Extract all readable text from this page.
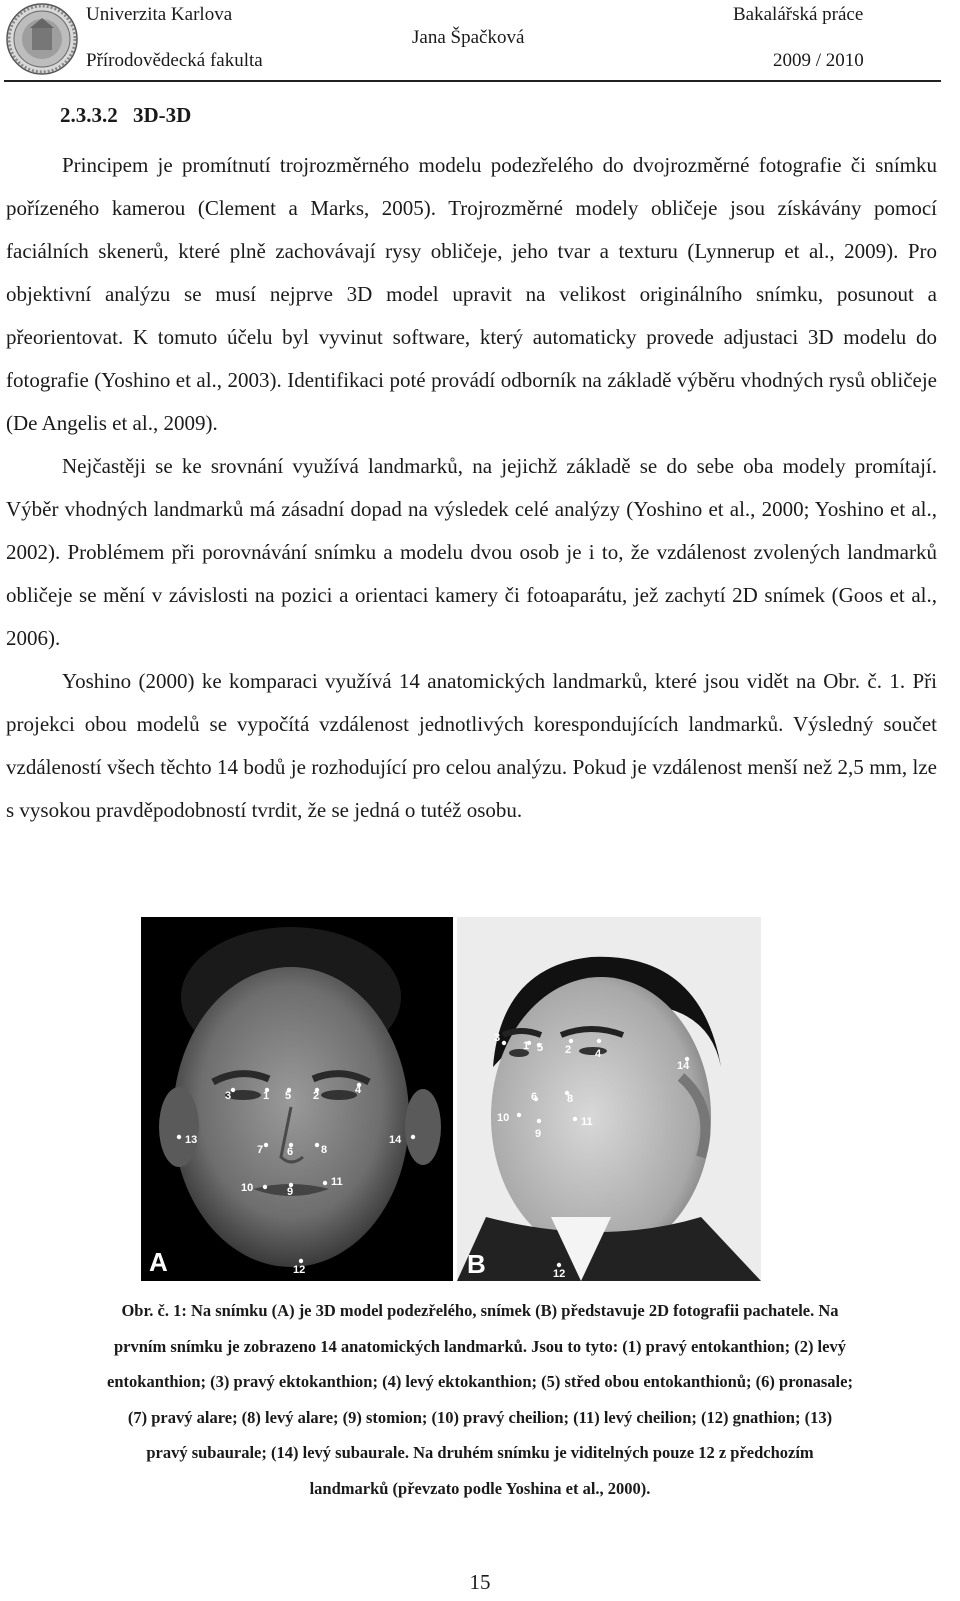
Univerzita Karlova
Přírodovědecká fakulta
Jana Špačková
Bakalářská práce
2009 / 2010
2.3.3.2 3D-3D

Principem je promítnutí trojrozměrného modelu podezřelého do dvojrozměrné fotografie či snímku pořízeného kamerou (Clement a Marks, 2005). Trojrozměrné modely obličeje jsou získávány pomocí faciálních skenerů, které plně zachovávají rysy obličeje, jeho tvar a texturu (Lynnerup et al., 2009). Pro objektivní analýzu se musí nejprve 3D model upravit na velikost originálního snímku, posunout a přeorientovat. K tomuto účelu byl vyvinut software, který automaticky provede adjustaci 3D modelu do fotografie (Yoshino et al., 2003). Identifikaci poté provádí odborník na základě výběru vhodných rysů obličeje (De Angelis et al., 2009).

Nejčastěji se ke srovnání využívá landmarků, na jejichž základě se do sebe oba modely promítají. Výběr vhodných landmarků má zásadní dopad na výsledek celé analýzy (Yoshino et al., 2000; Yoshino et al., 2002). Problémem při porovnávání snímku a modelu dvou osob je i to, že vzdálenost zvolených landmarků obličeje se mění v závislosti na pozici a orientaci kamery či fotoaparátu, jež zachytí 2D snímek (Goos et al., 2006).

Yoshino (2000) ke komparaci využívá 14 anatomických landmarků, které jsou vidět na Obr. č. 1. Při projekci obou modelů se vypočítá vzdálenost jednotlivých korespondujících landmarků. Výsledný součet vzdáleností všech těchto 14 bodů je rozhodující pro celou analýzu. Pokud je vzdálenost menší než 2,5 mm, lze s vysokou pravděpodobností tvrdit, že se jedná o tutéž osobu.

A
3	1 5 2	4
13	14
7 6	8
10	9
11
12	B
3
1 5 2 4
14
6	8
10
9
11
12
Obr. č. 1: Na snímku (A) je 3D model podezřelého, snímek (B) představuje 2D fotografii pachatele. Na
prvním snímku je zobrazeno 14 anatomických landmarků. Jsou to tyto: (1) pravý entokanthion; (2) levý
entokanthion; (3) pravý ektokanthion; (4) levý ektokanthion; (5) střed obou entokanthionů; (6) pronasale;
(7) pravý alare; (8) levý alare; (9) stomion; (10) pravý cheilion; (11) levý cheilion; (12) gnathion; (13)
pravý subaurale; (14) levý subaurale. Na druhém snímku je viditelných pouze 12 z předchozím
landmarků (převzato podle Yoshina et al., 2000).
15
